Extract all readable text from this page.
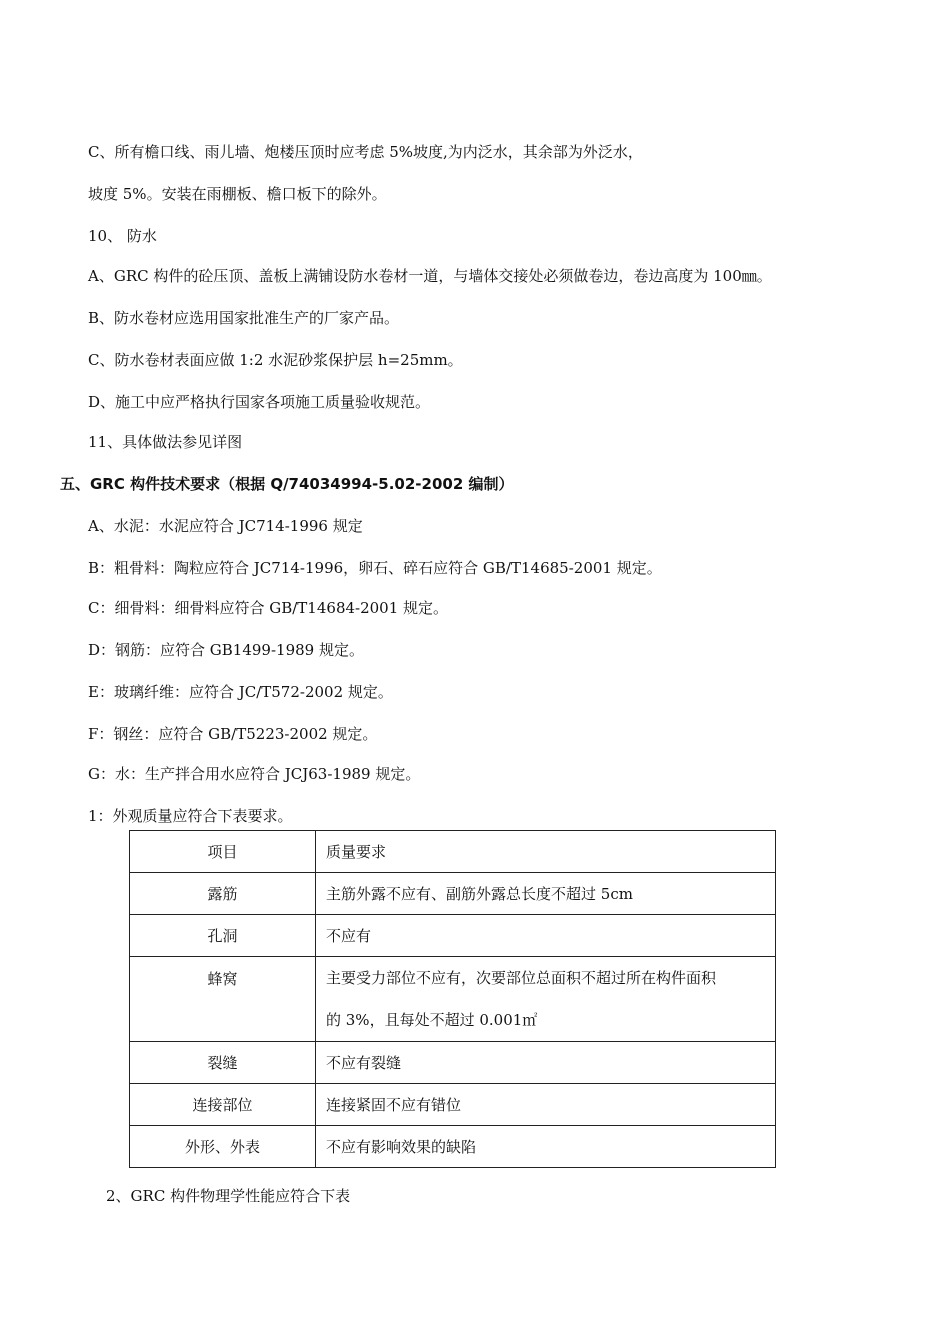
C、所有檐口线、雨儿墙、炮楼压顶时应考虑 5%坡度,为内泛水，其余部为外泛水，
坡度 5%。安装在雨棚板、檐口板下的除外。
10、 防水
A、GRC 构件的砼压顶、盖板上满铺设防水卷材一道，与墙体交接处必须做卷边，卷边高度为 100㎜。
B、防水卷材应选用国家批准生产的厂家产品。
C、防水卷材表面应做 1:2 水泥砂浆保护层 h=25mm。
D、施工中应严格执行国家各项施工质量验收规范。
11、具体做法参见详图
五、GRC 构件技术要求（根据 Q/74034994-5.02-2002 编制）
A、水泥：水泥应符合 JC714-1996 规定
B：粗骨料：陶粒应符合 JC714-1996，卵石、碎石应符合 GB/T14685-2001 规定。
C：细骨料：细骨料应符合 GB/T14684-2001 规定。
D：钢筋：应符合 GB1499-1989 规定。
E：玻璃纤维：应符合 JC/T572-2002 规定。
F：钢丝：应符合 GB/T5223-2002 规定。
G：水：生产拌合用水应符合 JCJ63-1989 规定。
1：外观质量应符合下表要求。
项目	质量要求
露筋	主筋外露不应有、副筋外露总长度不超过 5cm
孔洞	不应有
蜂窝	主要受力部位不应有，次要部位总面积不超过所在构件面积
的 3%，且每处不超过 0.001㎡

裂缝	不应有裂缝
连接部位	连接紧固不应有错位
外形、外表	不应有影响效果的缺陷
2、GRC 构件物理学性能应符合下表
